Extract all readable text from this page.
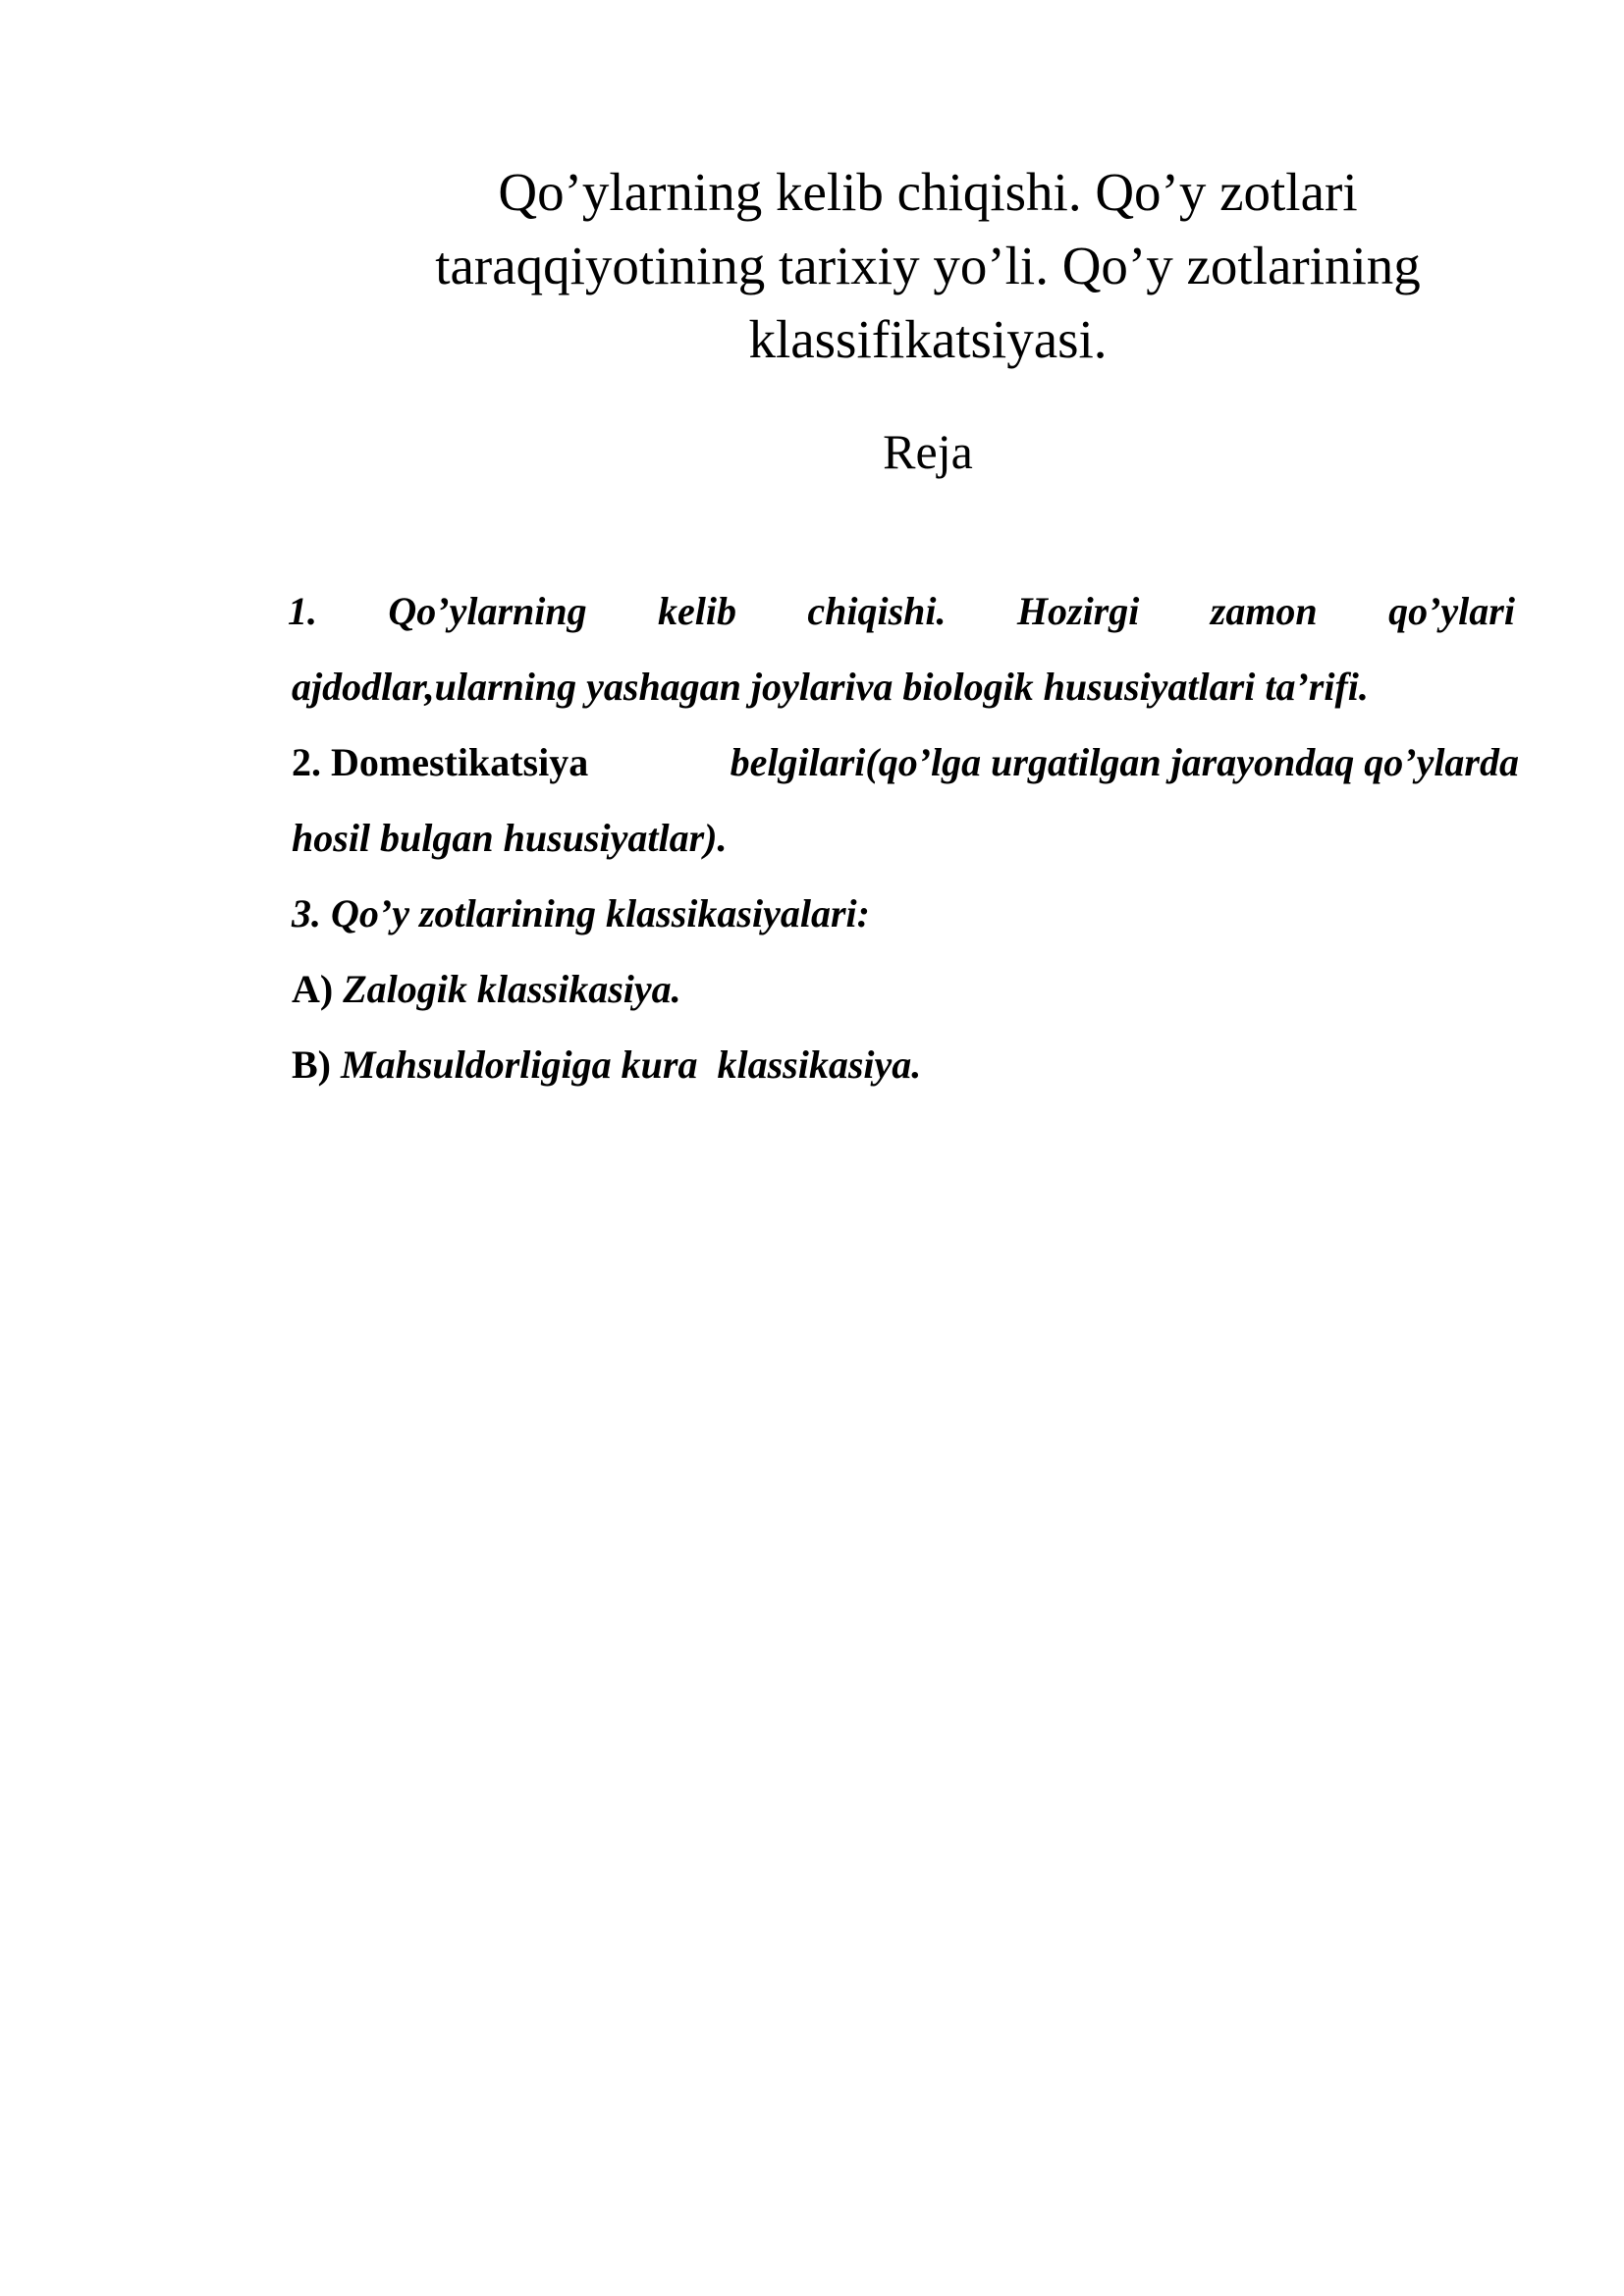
Qo’ylarning kelib chiqishi. Qo’y zotlari
taraqqiyotining tarixiy yo’li. Qo’y zotlarining
klassifikatsiyasi.

Reja

1. Qo’ylarning kelib chiqishi. Hozirgi zamon qo’ylari
ajdodlar,ularning yashagan joylariva biologik hususiyatlari ta’rifi.
2. Domestikatsiya	belgilari(qo’lga urgatilgan jarayondaq qo’ylarda
hosil bulgan hususiyatlar).
3. Qo’y zotlarining klassikasiyalari:
A) Zalogik klassikasiya.
B) Mahsuldorligiga kura  klassikasiya.
